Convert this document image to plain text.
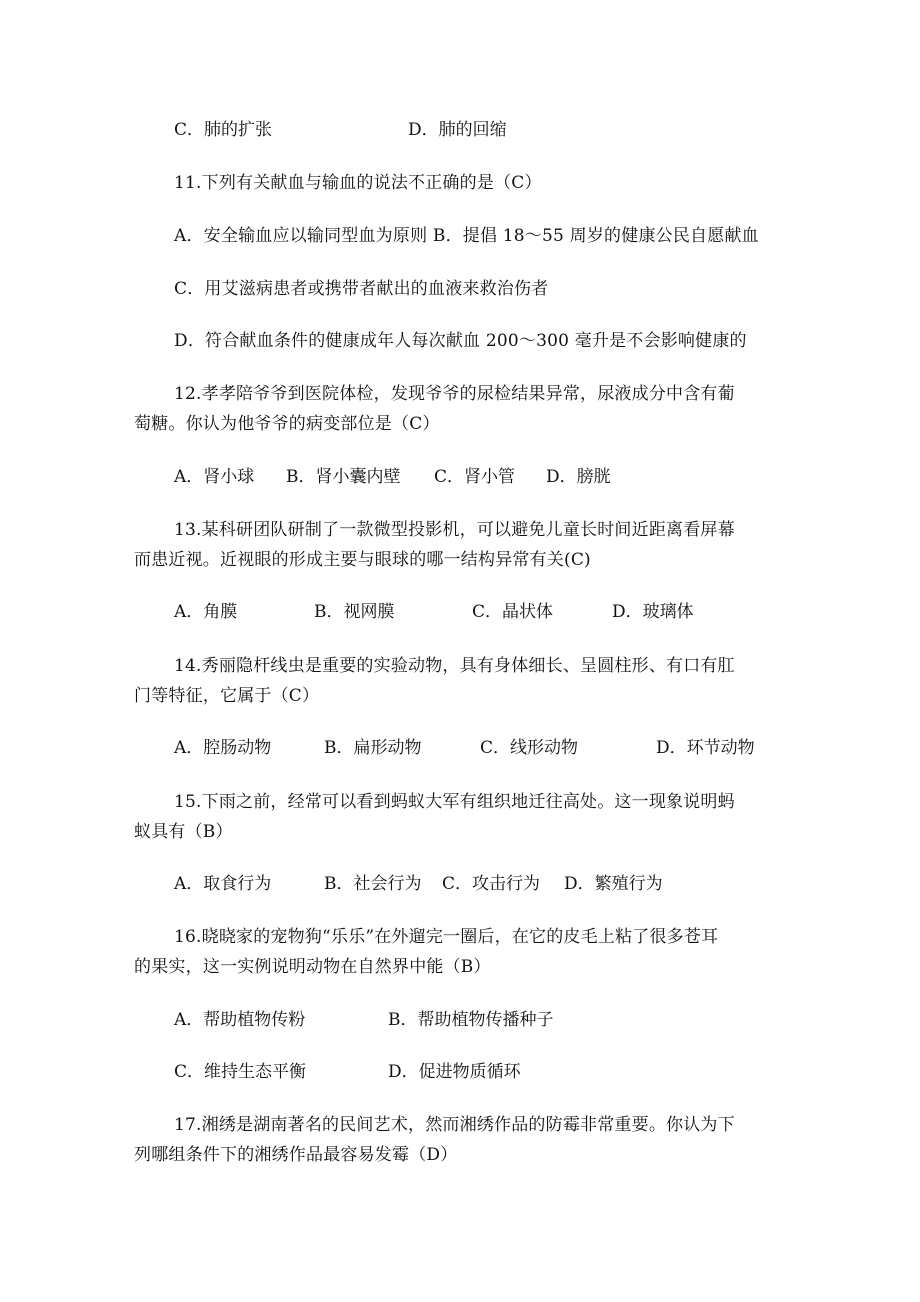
C．肺的扩张	D．肺的回缩
11.下列有关献血与输血的说法不正确的是（C）
A．安全输血应以输同型血为原则 B．提倡 18～55 周岁的健康公民自愿献血
C．用艾滋病患者或携带者献出的血液来救治伤者
D．符合献血条件的健康成年人每次献血 200～300 毫升是不会影响健康的
12.孝孝陪爷爷到医院体检，发现爷爷的尿检结果异常，尿液成分中含有葡
萄糖。你认为他爷爷的病变部位是（C）
A．肾小球 B．肾小囊内壁 C．肾小管 D．膀胱
13.某科研团队研制了一款微型投影机，可以避免儿童长时间近距离看屏幕
而患近视。近视眼的形成主要与眼球的哪一结构异常有关(C)
A．角膜	B．视网膜	C．晶状体	D．玻璃体
14.秀丽隐杆线虫是重要的实验动物，具有身体细长、呈圆柱形、有口有肛
门等特征，它属于（C）
A．腔肠动物	B．扁形动物	C．线形动物	D．环节动物
15.下雨之前，经常可以看到蚂蚁大军有组织地迁往高处。这一现象说明蚂
蚁具有（B）
A．取食行为	B．社会行为 C．攻击行为 D．繁殖行为
16.晓晓家的宠物狗“乐乐”在外遛完一圈后，在它的皮毛上粘了很多苍耳
的果实，这一实例说明动物在自然界中能（B）
A．帮助植物传粉	B．帮助植物传播种子
C．维持生态平衡	D．促进物质循环
17.湘绣是湖南著名的民间艺术，然而湘绣作品的防霉非常重要。你认为下
列哪组条件下的湘绣作品最容易发霉（D）
